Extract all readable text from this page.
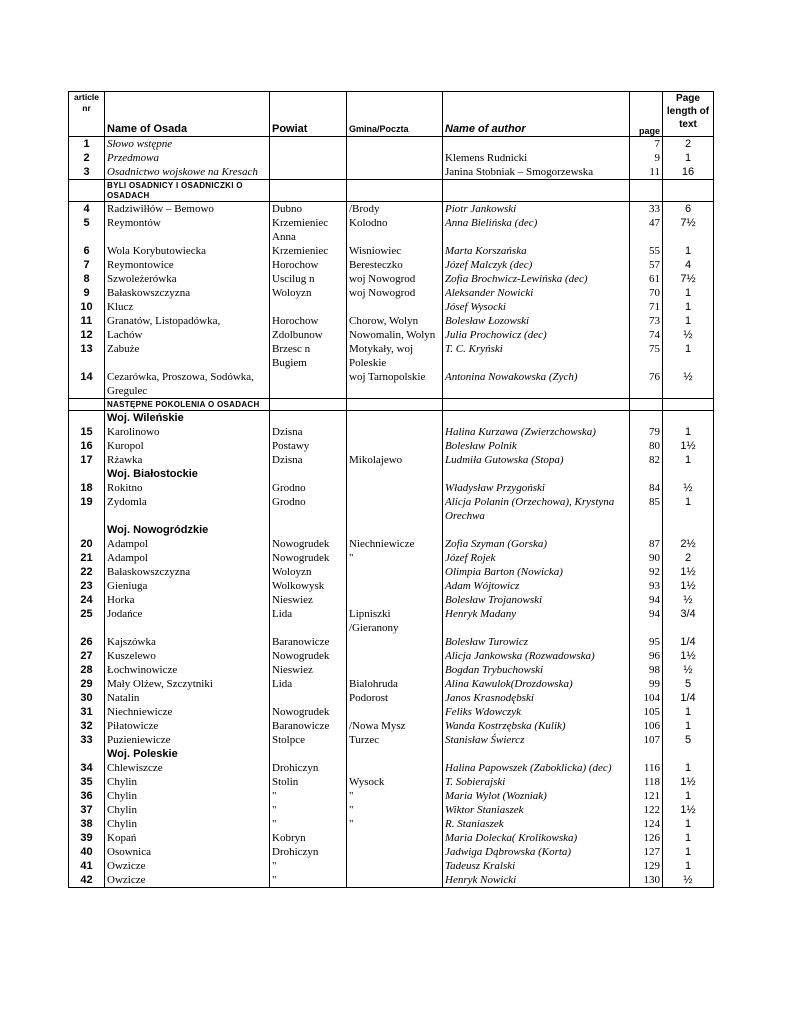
article nr	Name of Osada	Powiat	Gmina/Poczta	Name of author	page	Page length of text
1	Słowo wstępne				7	2
2	Przedmowa			Klemens Rudnicki	9	1
3	Osadnictwo wojskowe na Kresach			Janina Stobniak – Smogorzewska	11	16
	BYLI OSADNICY I OSADNICZKI O OSADACH					
4	Radziwiłłów – Bemowo	Dubno	/Brody	Piotr Jankowski	33	6
5	Reymontów	Krzemieniec Anna	Kolodno	Anna Bielińska (dec)	47	7½
6	Wola Korybutowiecka	Krzemieniec	Wisniowiec	Marta Korszańska	55	1
7	Reymontowice	Horochow	Beresteczko	Józef Malczyk (dec)	57	4
8	Szwoleżerówka	Uscilug n	woj Nowogrod	Zofia Brochwicz-Lewińska (dec)	61	7½
9	Bałaskowszczyzna	Woloyzn	woj Nowogrod	Aleksander Nowicki	70	1
10	Klucz			Jósef Wysocki	71	1
11	Granatów, Listopadówka,	Horochow	Chorow, Wolyn	Bolesław Łozowski	73	1
12	Lachów	Zdolbunow	Nowomalin, Wolyn	Julia Prochowicz (dec)	74	½
13	Zabuże	Brzesc n Bugiem	Motykały, woj Poleskie	T. C. Kryński	75	1
14	Cezarówka, Proszowa, Sodówka, Gregulec		woj Tarnopolskie	Antonina Nowakowska (Zych)	76	½
	NASTĘPNE POKOLENIA O OSADACH					
	Woj. Wileńskie					
15	Karolinowo	Dzisna		Halina Kurzawa (Zwierzchowska)	79	1
16	Kuropol	Postawy		Bolesław Polnik	80	1½
17	Rżawka	Dzisna	Mikolajewo	Ludmiła Gutowska (Stopa)	82	1
	Woj. Białostockie					
18	Rokitno	Grodno		Władysław Przygoński	84	½
19	Zydomla	Grodno		Alicja Polanin (Orzechowa), Krystyna Orechwa	85	1
	Woj. Nowogródzkie					
20	Adampol	Nowogrudek	Niechniewicze	Zofia Szyman (Gorska)	87	2½
21	Adampol	Nowogrudek	"	Józef Rojek	90	2
22	Bałaskowszczyzna	Woloyzn		Olimpia Barton (Nowicka)	92	1½
23	Gieniuga	Wolkowysk		Adam Wójtowicz	93	1½
24	Horka	Nieswiez		Bolesław Trojanowski	94	½
25	Jodańce	Lida	Lipniszki /Gieranony	Henryk Madany	94	3/4
26	Kajszówka	Baranowicze		Bolesław Turowicz	95	1/4
27	Kuszelewo	Nowogrudek		Alicja Jankowska (Rozwadowska)	96	1½
28	Łochwinowicze	Nieswiez		Bogdan Trybuchowski	98	½
29	Mały Olżew, Szczytniki	Lida	Bialohruda	Alina Kawulok(Drozdowska)	99	5
30	Natalin		Podorost	Janos Krasnodębski	104	1/4
31	Niechniewicze	Nowogrudek		Feliks Wdowczyk	105	1
32	Piłatowicze	Baranowicze	/Nowa Mysz	Wanda Kostrzębska (Kulik)	106	1
33	Puzieniewicze	Stolpce	Turzec	Stanisław Świercz	107	5
	Woj. Poleskie					
34	Chlewiszcze	Drohiczyn		Halina Papowszek (Zaboklicka) (dec)	116	1
35	Chylin	Stolin	Wysock	T. Sobierajski	118	1½
36	Chylin	"	"	Maria Wylot (Wozniak)	121	1
37	Chylin	"	"	Wiktor Staniaszek	122	1½
38	Chylin	"	"	R. Staniaszek	124	1
39	Kopań	Kobryn		Maria Dolecka( Krolikowska)	126	1
40	Osownica	Drohiczyn		Jadwiga Dąbrowska (Korta)	127	1
41	Owzicze	"		Tadeusz Kralski	129	1
42	Owzicze	"		Henryk Nowicki	130	½
